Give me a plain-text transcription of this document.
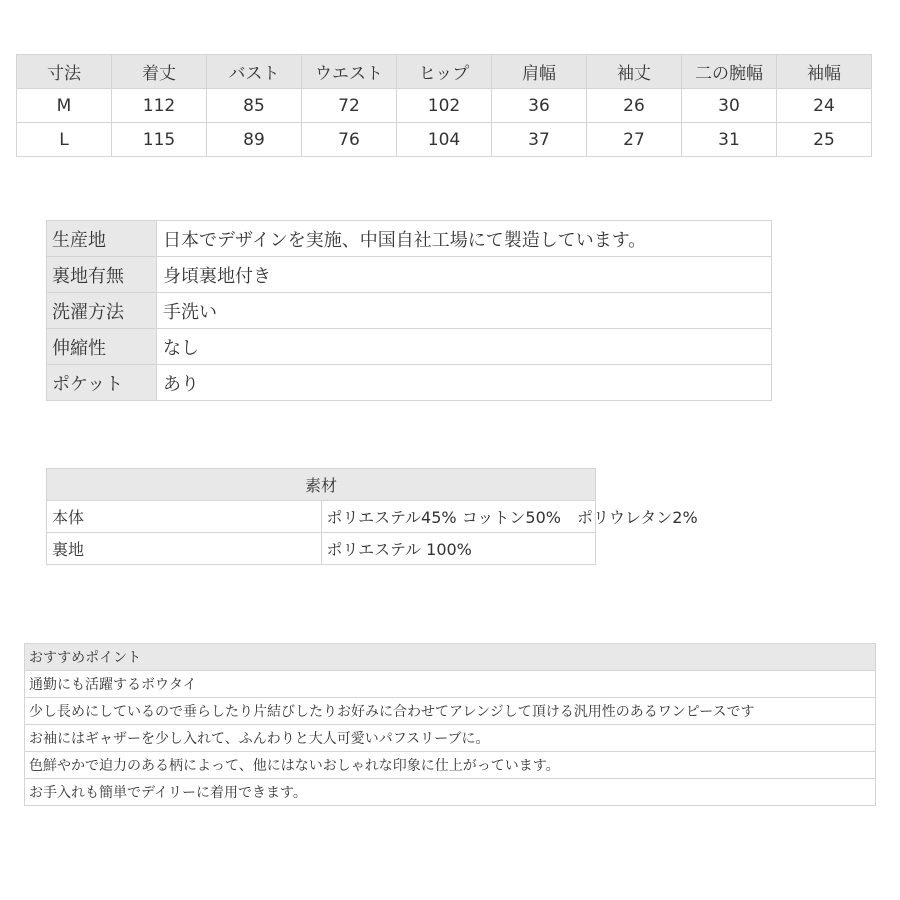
寸法	着丈	バスト	ウエスト	ヒップ	肩幅	袖丈	二の腕幅	袖幅
M	112	85	72	102	36	26	30	24
L	115	89	76	104	37	27	31	25
生産地	日本でデザインを実施、中国自社工場にて製造しています。
裏地有無	身頃裏地付き
洗濯方法	手洗い
伸縮性	なし
ポケット	あり
素材	
本体	ポリエステル45% コットン50%　ポリウレタン2%
裏地	ポリエステル 100%
おすすめポイント
通勤にも活躍するボウタイ
少し長めにしているので垂らしたり片結びしたりお好みに合わせてアレンジして頂ける汎用性のあるワンピースです
お袖にはギャザーを少し入れて、ふんわりと大人可愛いパフスリーブに。
色鮮やかで迫力のある柄によって、他にはないおしゃれな印象に仕上がっています。
お手入れも簡単でデイリーに着用できます。
